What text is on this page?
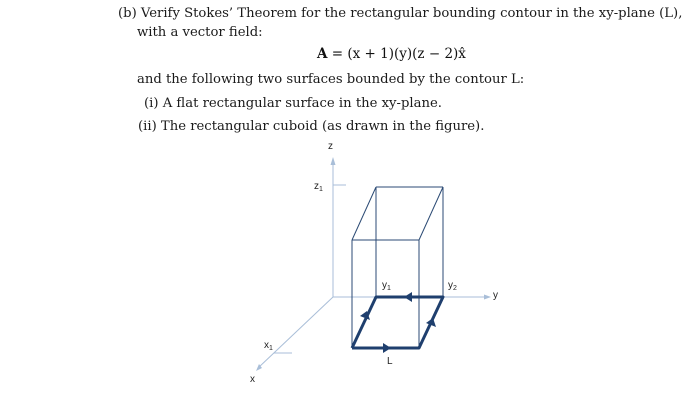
(b) Verify Stokes’ Theorem for the rectangular bounding contour in the xy-plane (L),
with a vector field:
A = (x + 1)(y)(z − 2)x̂
and the following two surfaces bounded by the contour L:
(i) A flat rectangular surface in the xy-plane.
(ii) The rectangular cuboid (as drawn in the figure).
z
y
x
$z_1$
$y_1$	$y_2$
$x_1$
L
